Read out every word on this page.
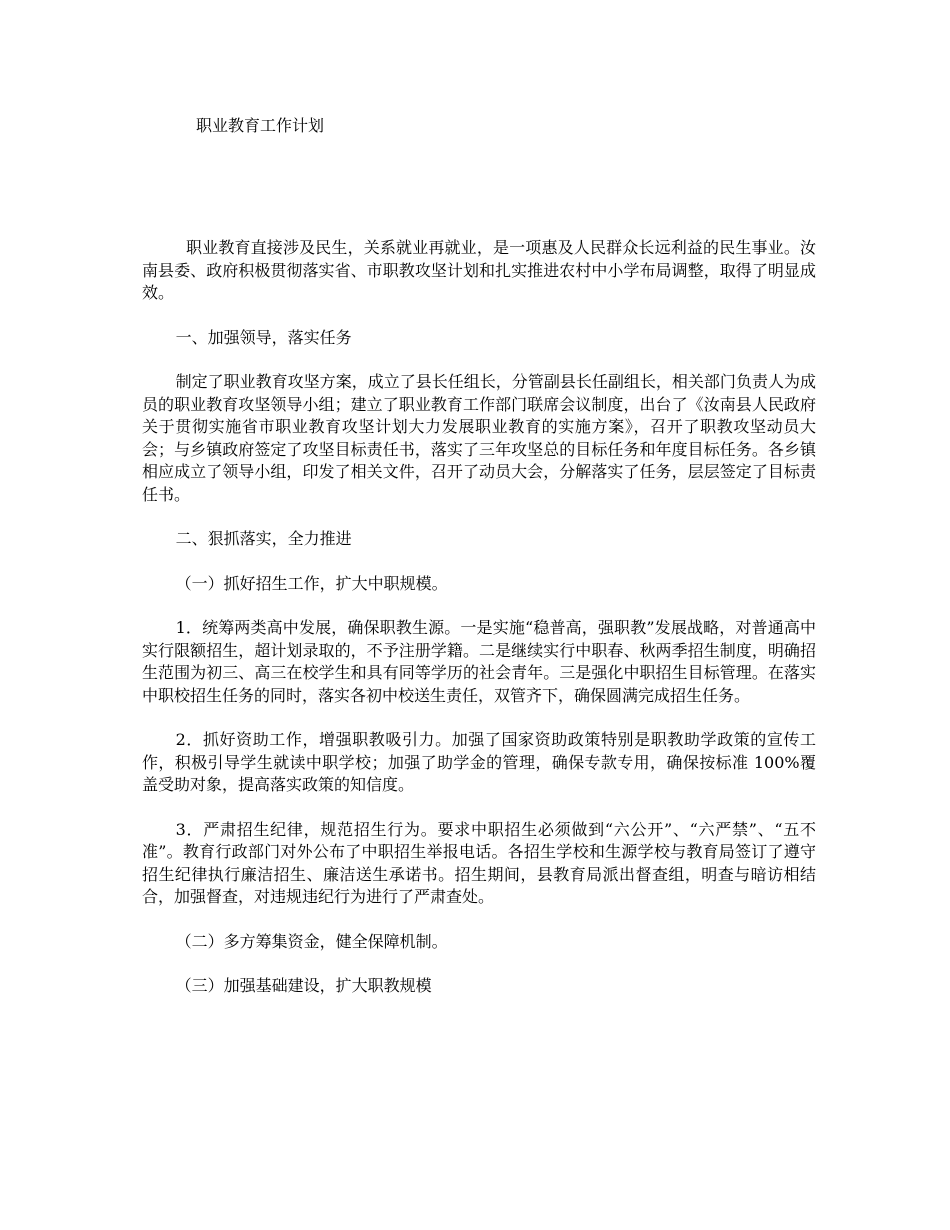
职业教育工作计划

职业教育直接涉及民生，关系就业再就业，是一项惠及人民群众长远利益的民生事业。汝南县委、政府积极贯彻落实省、市职教攻坚计划和扎实推进农村中小学布局调整，取得了明显成效。

一、加强领导，落实任务

制定了职业教育攻坚方案，成立了县长任组长，分管副县长任副组长，相关部门负责人为成员的职业教育攻坚领导小组；建立了职业教育工作部门联席会议制度，出台了《汝南县人民政府关于贯彻实施省市职业教育攻坚计划大力发展职业教育的实施方案》，召开了职教攻坚动员大会；与乡镇政府签定了攻坚目标责任书，落实了三年攻坚总的目标任务和年度目标任务。各乡镇相应成立了领导小组，印发了相关文件，召开了动员大会，分解落实了任务，层层签定了目标责任书。

二、狠抓落实，全力推进

（一）抓好招生工作，扩大中职规模。

1．统筹两类高中发展，确保职教生源。一是实施“稳普高，强职教”发展战略，对普通高中实行限额招生，超计划录取的，不予注册学籍。二是继续实行中职春、秋两季招生制度，明确招生范围为初三、高三在校学生和具有同等学历的社会青年。三是强化中职招生目标管理。在落实中职校招生任务的同时，落实各初中校送生责任，双管齐下，确保圆满完成招生任务。

2．抓好资助工作，增强职教吸引力。加强了国家资助政策特别是职教助学政策的宣传工作，积极引导学生就读中职学校；加强了助学金的管理，确保专款专用，确保按标准 100%覆盖受助对象，提高落实政策的知信度。

3．严肃招生纪律，规范招生行为。要求中职招生必须做到“六公开”、“六严禁”、“五不准”。教育行政部门对外公布了中职招生举报电话。各招生学校和生源学校与教育局签订了遵守招生纪律执行廉洁招生、廉洁送生承诺书。招生期间，县教育局派出督查组，明查与暗访相结合，加强督查，对违规违纪行为进行了严肃查处。

（二）多方筹集资金，健全保障机制。

（三）加强基础建设，扩大职教规模
